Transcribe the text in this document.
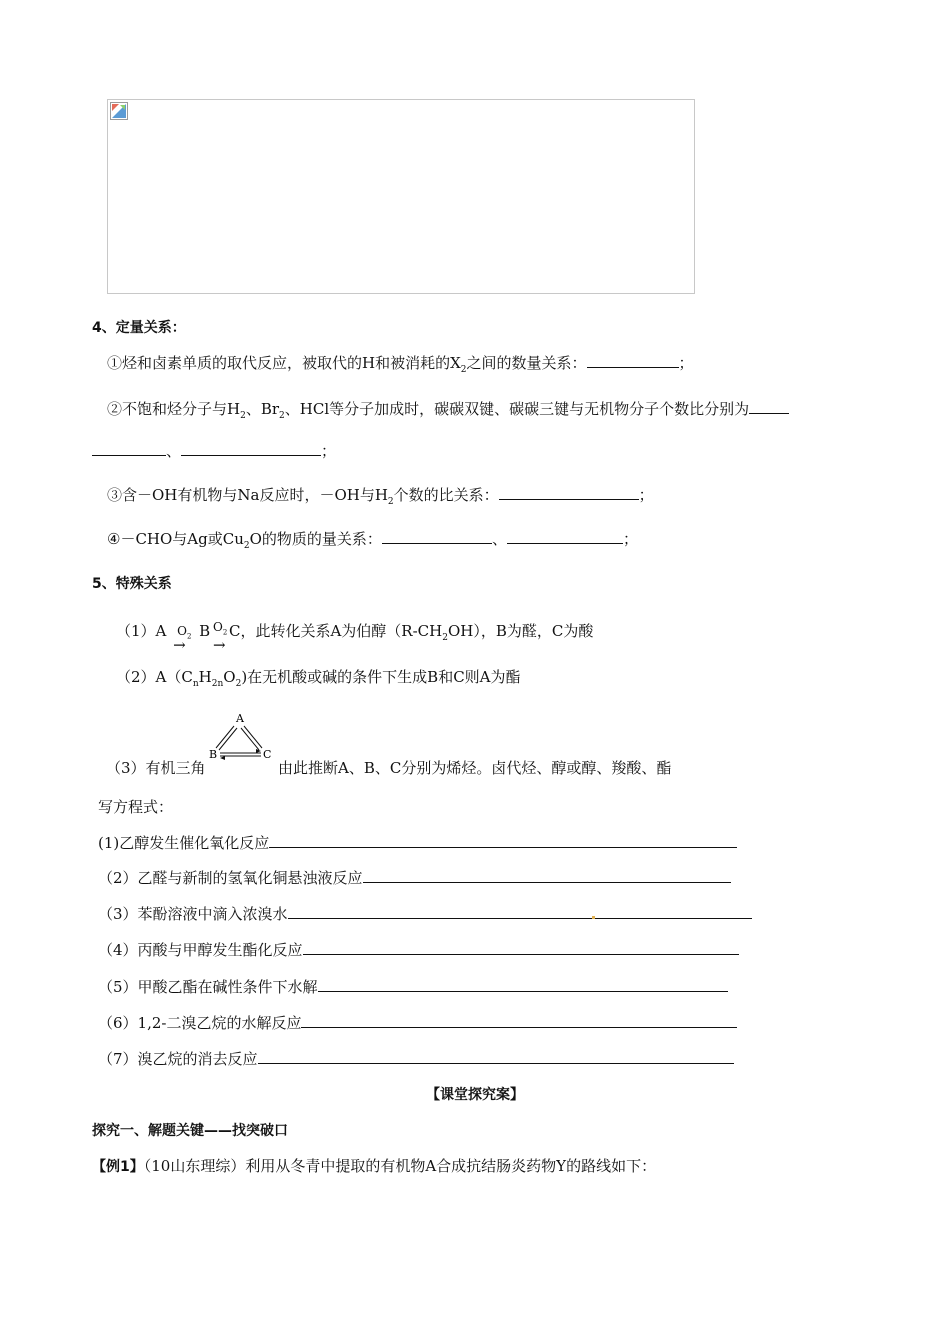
4、定量关系：
①烃和卤素单质的取代反应，被取代的H和被消耗的$X_2$之间的数量关系：	；
②不饱和烃分子与$H_2$、$Br_2$、HCl等分子加成时，碳碳双键、碳碳三键与无机物分子个数比分别为
、	；
③含－OH有机物与Na反应时，－OH与$H_2$个数的比关系：	；
④－CHO与Ag或$Cu_2O$的物质的量关系：	、	；
5、特殊关系
（1）A $O_2$
→
B $O_2$
→
C，此转化关系A为伯醇$(R-CH_2OH)$，B为醛，C为酸
$(2)A(C_nH_{2n}O_2)$在无机酸或碱的条件下生成B和C则A为酯
A
B	C
（3）有机三角	由此推断A、B、C分别为烯烃。卤代烃、醇或醇、羧酸、酯
写方程式：
(1)乙醇发生催化氧化反应
（2）乙醛与新制的氢氧化铜悬浊液反应
（3）苯酚溶液中滴入浓溴水
（4）丙酸与甲醇发生酯化反应
（5）甲酸乙酯在碱性条件下水解
（6）1,2-二溴乙烷的水解反应
（7）溴乙烷的消去反应
【课堂探究案】
探究一、解题关键——找突破口
【例1】（10山东理综）利用从冬青中提取的有机物A合成抗结肠炎药物Y的路线如下：
